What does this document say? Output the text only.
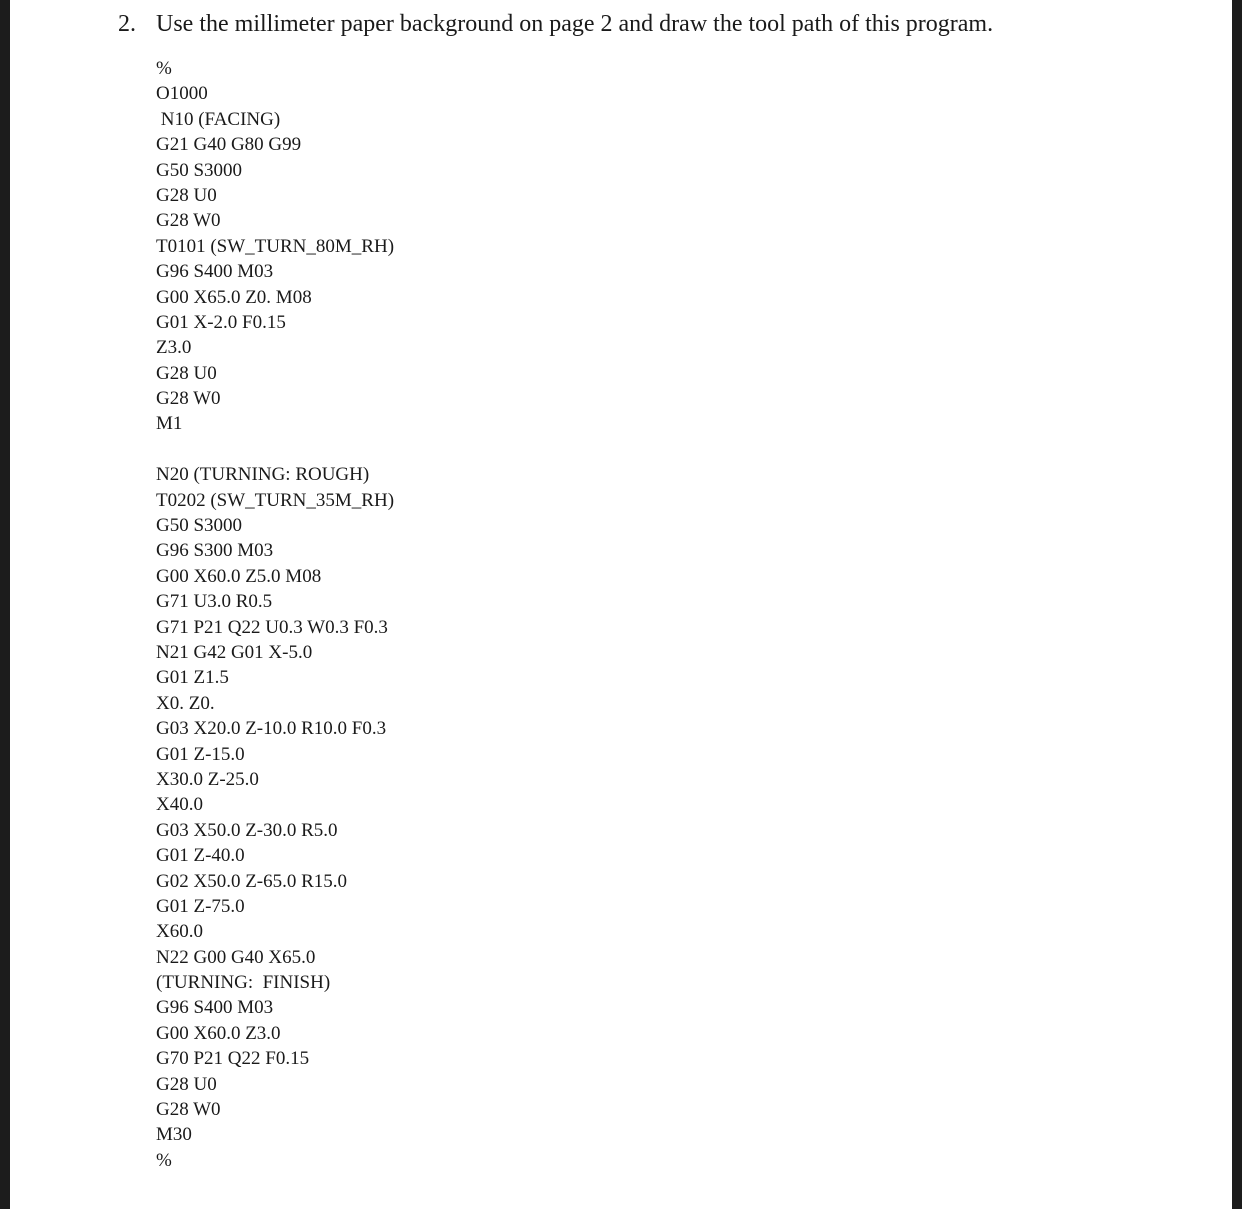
2. Use the millimeter paper background on page 2 and draw the tool path of this program.
%
O1000
N10 (FACING)
G21 G40 G80 G99
G50 S3000
G28 U0
G28 W0
T0101 (SW_TURN_80M_RH)
G96 S400 M03
G00 X65.0 Z0. M08
G01 X-2.0 F0.15
Z3.0
G28 U0
G28 W0
M1
N20 (TURNING: ROUGH)
T0202 (SW_TURN_35M_RH)
G50 S3000
G96 S300 M03
G00 X60.0 Z5.0 M08
G71 U3.0 R0.5
G71 P21 Q22 U0.3 W0.3 F0.3
N21 G42 G01 X-5.0
G01 Z1.5
X0. Z0.
G03 X20.0 Z-10.0 R10.0 F0.3
G01 Z-15.0
X30.0 Z-25.0
X40.0
G03 X50.0 Z-30.0 R5.0
G01 Z-40.0
G02 X50.0 Z-65.0 R15.0
G01 Z-75.0
X60.0
N22 G00 G40 X65.0
(TURNING:  FINISH)
G96 S400 M03
G00 X60.0 Z3.0
G70 P21 Q22 F0.15
G28 U0
G28 W0
M30
%
